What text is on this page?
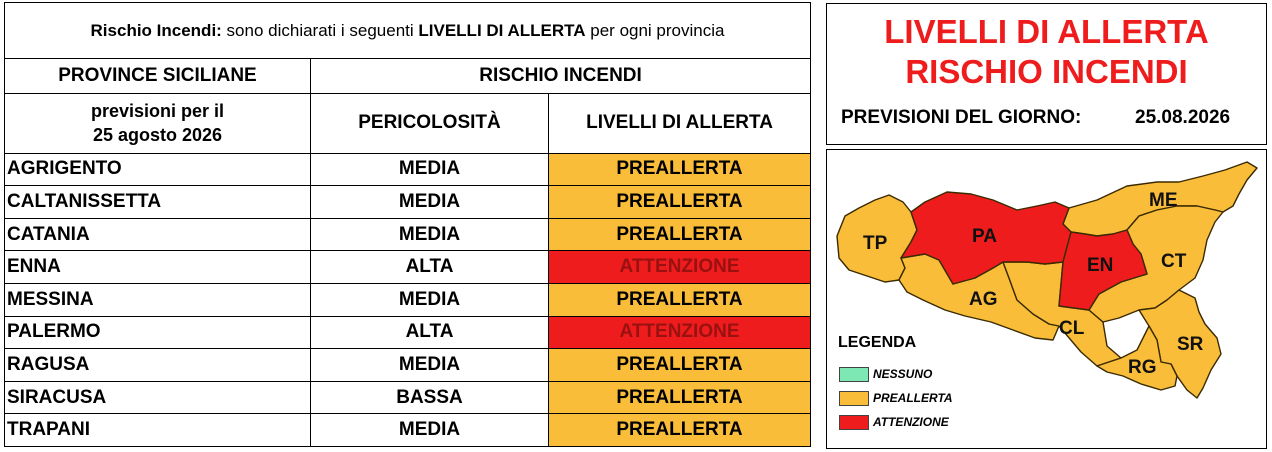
Rischio Incendi: sono dichiarati i seguenti LIVELLI DI ALLERTA per ogni provincia		
PROVINCE SICILIANE	RISCHIO INCENDI	

previsioni per il
25 agosto 2026	PERICOLOSITÀ	LIVELLI DI ALLERTA
AGRIGENTO	MEDIA	PREALLERTA
CALTANISSETTA	MEDIA	PREALLERTA
CATANIA	MEDIA	PREALLERTA
ENNA	ALTA	ATTENZIONE
MESSINA	MEDIA	PREALLERTA
PALERMO	ALTA	ATTENZIONE
RAGUSA	MEDIA	PREALLERTA
SIRACUSA	BASSA	PREALLERTA
TRAPANI	MEDIA	PREALLERTA
LIVELLI DI ALLERTA
RISCHIO INCENDI
PREVISIONI DEL GIORNO:	25.08.2026
TP	PA
ME
AG
CL
EN	CT
RG
SR
LEGENDA
NESSUNO
PREALLERTA
ATTENZIONE
